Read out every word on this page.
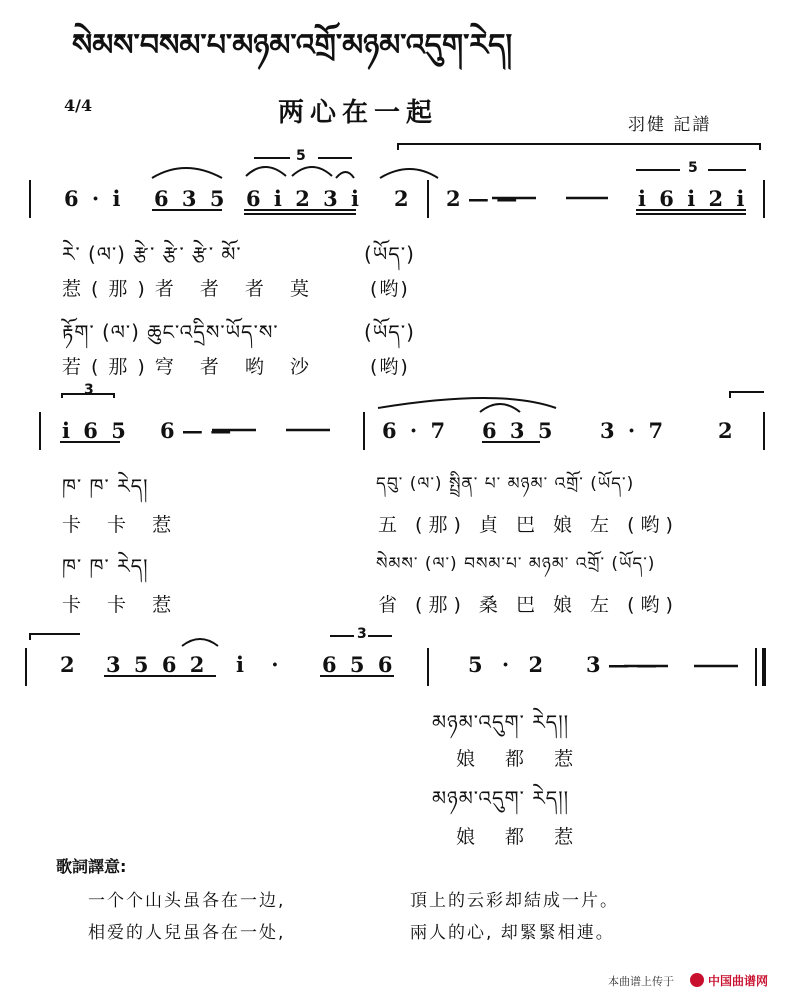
སེམས་བསམ་པ་མཉམ་འགྲོ་མཉམ་འདུག་རེད།
4/4	两心在一起	羽健 記譜
6 · i 6 3 5 6 i 2 3 i 2 2 — —	i 6 i 2 i
5
5
རེ་ (ལ་) རྩེ་ རྩེ་ རྩེ་ མོ་	(ཡོད་)
惹(那)者 者 者 莫	(哟)
རྟོག་ (ལ་) ཆུང་འདྲིས་ཡོད་ས་	(ཡོད་)
若(那)穹 者 哟 沙	(哟)
3
i 6 5 6 — —	6 · 7 6 3 5 3 · 7 2
ཁ་ ཁ་ རེད།
卡 卡 惹
ཁ་ ཁ་ རེད།
卡 卡 惹
དབུ་ (ལ་) སྤྲིན་ པ་ མཉམ་ འགྲོ་ (ཡོད་)
五 (那) 貞 巴 娘 左 (哟)
སེམས་ (ལ་) བསམ་པ་ མཉམ་ འགྲོ་ (ཡོད་)
省 (那) 桑 巴 娘 左 (哟)
3
2 3 5 6 2 i · 6 5 6	5 · 2 3 — —
མཉམ་འདུག་ རེད།།
娘 都 惹
མཉམ་འདུག་ རེད།།
娘 都 惹
歌詞譯意:
一个个山头虽各在一边,	頂上的云彩却結成一片。
相爱的人兒虽各在一处,	兩人的心, 却緊緊相連。
本曲谱上传于	中国曲谱网
